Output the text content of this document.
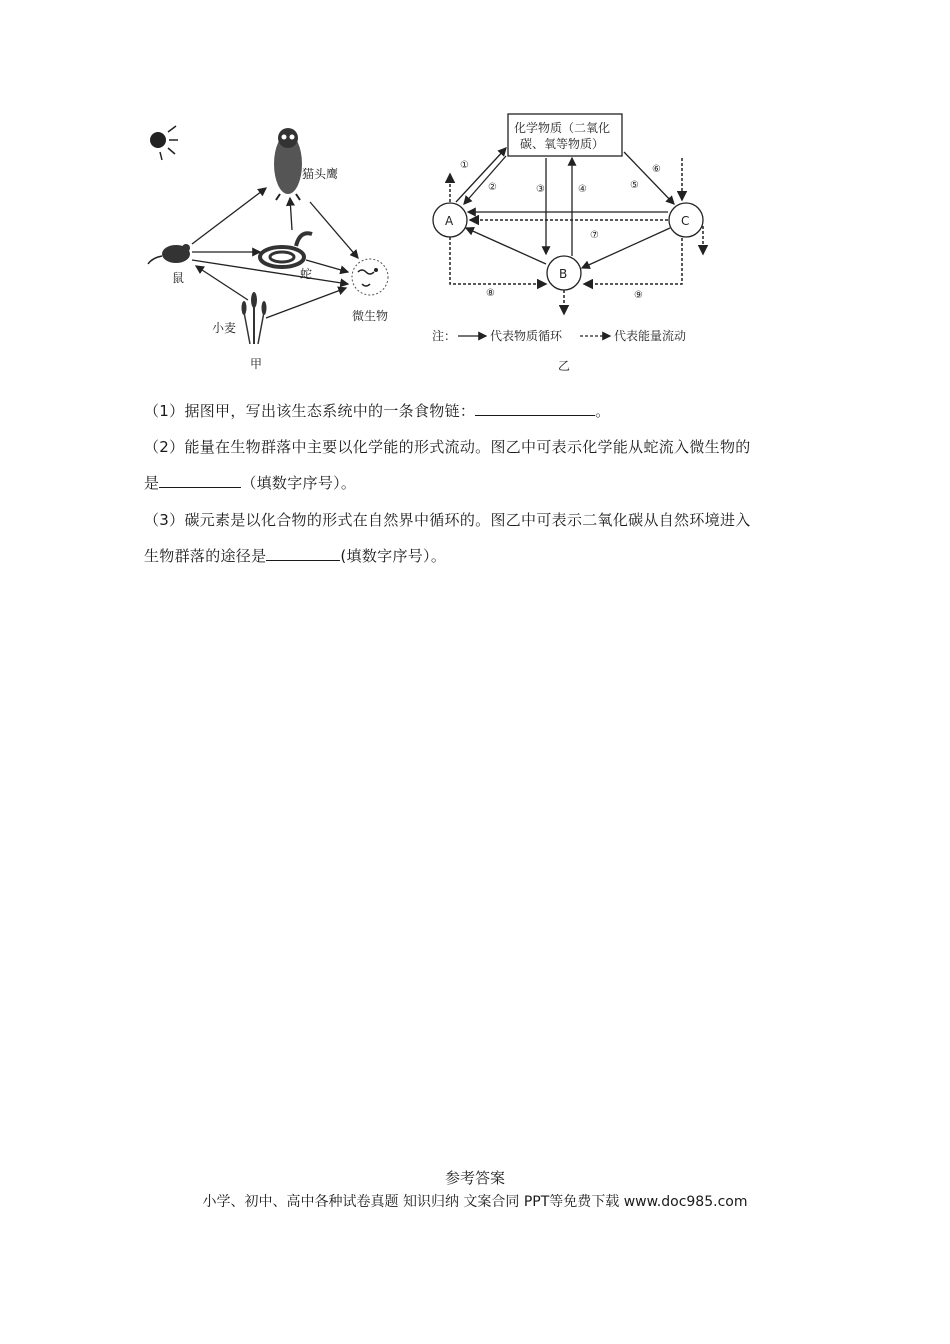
猫头鹰
鼠	蛇
微生物
小麦
甲
化学物质（二氧化
碳、氧等物质）
A
B
C
①
②	③	④	⑤
⑥
⑦
⑧	⑨
注：	代表物质循环	代表能量流动
乙
（1）据图甲，写出该生态系统中的一条食物链：	。
（2）能量在生物群落中主要以化学能的形式流动。图乙中可表示化学能从蛇流入微生物的
是	（填数字序号）。
（3）碳元素是以化合物的形式在自然界中循环的。图乙中可表示二氧化碳从自然环境进入
生物群落的途径是	(填数字序号）。
参考答案
小学、初中、高中各种试卷真题 知识归纳 文案合同 PPT等免费下载 www.doc985.com
